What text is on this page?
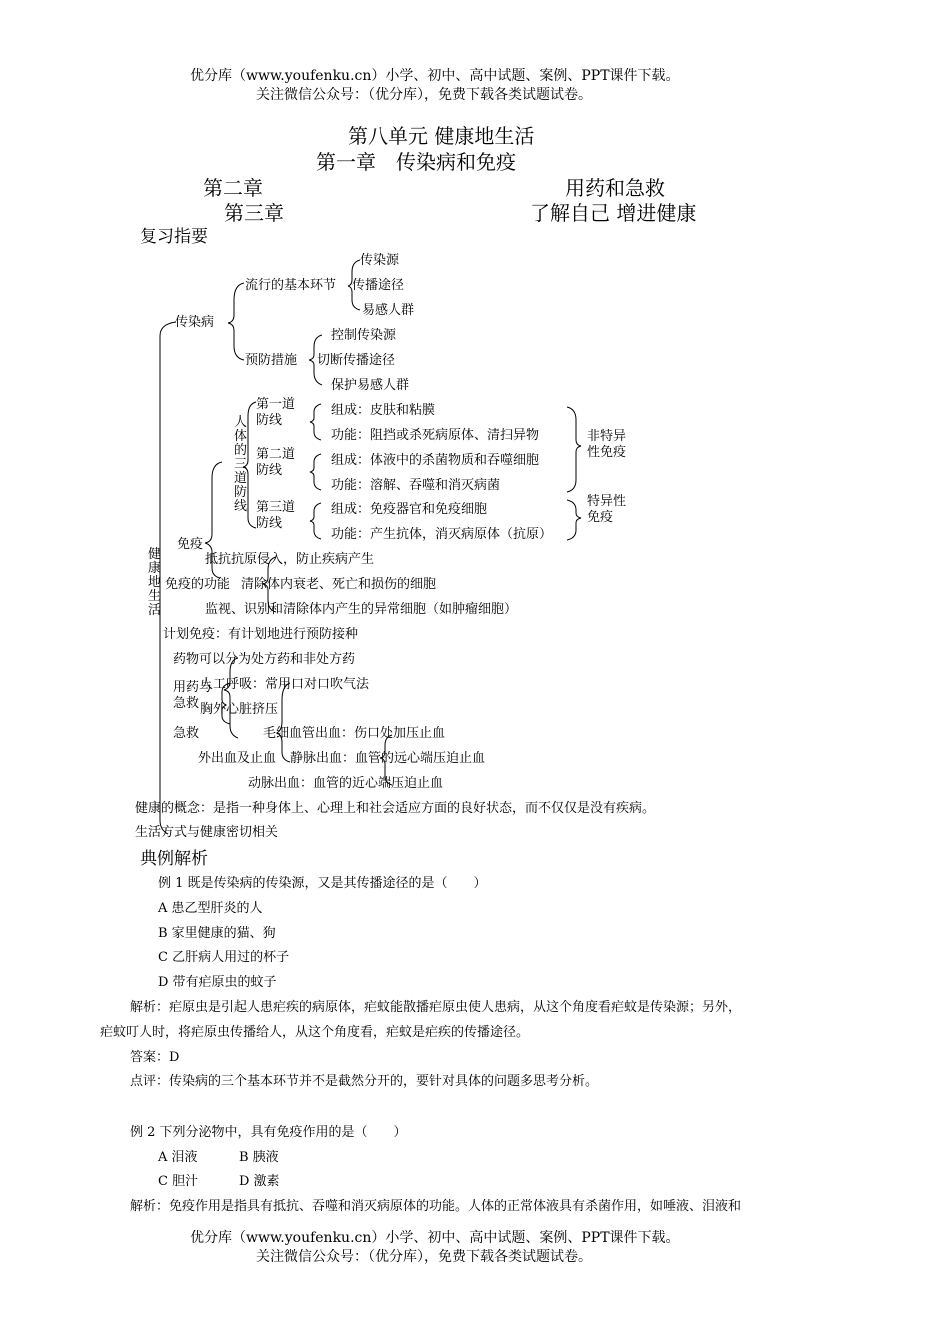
优分库（www.youfenku.cn）小学、初中、高中试题、案例、PPT课件下载。
关注微信公众号：（优分库），免费下载各类试题试卷。
第八单元 健康地生活
第一章　传染病和免疫
第二章	用药和急救
第三章	了解自己 增进健康
复习指要
健康地生活
传染病
流行的基本环节
传染源
传播途径
易感人群
预防措施
控制传染源
切断传播途径
保护易感人群
人体的三道防线
第一道
防线
组成：皮肤和粘膜
功能：阻挡或杀死病原体、清扫异物
第二道
防线
组成：体液中的杀菌物质和吞噬细胞
功能：溶解、吞噬和消灭病菌
第三道
防线
组成：免疫器官和免疫细胞
功能：产生抗体，消灭病原体（抗原）
非特异
性免疫
特异性
免疫
免疫
抵抗抗原侵入，防止疾病产生
免疫的功能 清除体内衰老、死亡和损伤的细胞
监视、识别和清除体内产生的异常细胞（如肿瘤细胞）
计划免疫：有计划地进行预防接种
药物可以分为处方药和非处方药
用药与
急救
人工呼吸：常用口对口吹气法
胸外心脏挤压
急救	毛细血管出血：伤口处加压止血
外出血及止血 静脉出血：血管的远心端压迫止血
动脉出血：血管的近心端压迫止血
健康的概念：是指一种身体上、心理上和社会适应方面的良好状态，而不仅仅是没有疾病。
生活方式与健康密切相关
典例解析
例 1 既是传染病的传染源，又是其传播途径的是（　　）
A 患乙型肝炎的人
B 家里健康的猫、狗
C 乙肝病人用过的杯子
D 带有疟原虫的蚊子
解析：疟原虫是引起人患疟疾的病原体，疟蚊能散播疟原虫使人患病，从这个角度看疟蚊是传染源；另外，
疟蚊叮人时，将疟原虫传播给人，从这个角度看，疟蚊是疟疾的传播途径。
答案：D
点评：传染病的三个基本环节并不是截然分开的，要针对具体的问题多思考分析。
例 2 下列分泌物中，具有免疫作用的是（　　）
A 泪液	B 胰液
C 胆汁	D 激素
解析：免疫作用是指具有抵抗、吞噬和消灭病原体的功能。人体的正常体液具有杀菌作用，如唾液、泪液和
优分库（www.youfenku.cn）小学、初中、高中试题、案例、PPT课件下载。
关注微信公众号：（优分库），免费下载各类试题试卷。
